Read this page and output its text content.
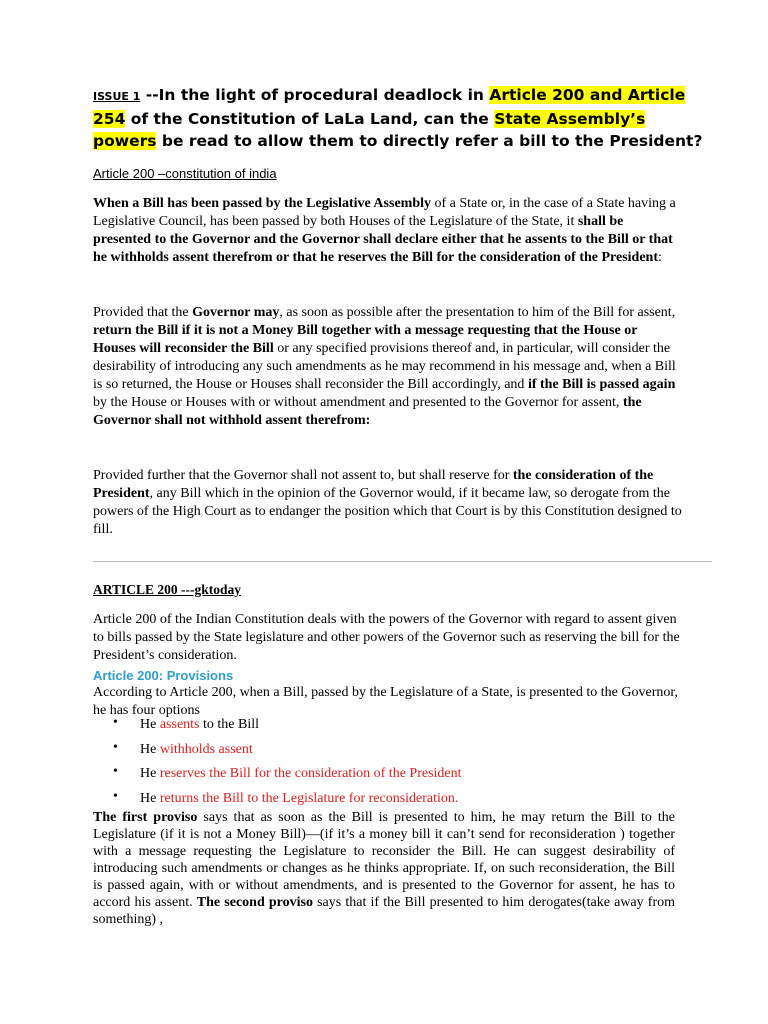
ISSUE 1 --In the light of procedural deadlock in Article 200 and Article 254 of the Constitution of LaLa Land, can the State Assembly’s powers be read to allow them to directly refer a bill to the President?
Article 200 –constitution of india
When a Bill has been passed by the Legislative Assembly of a State or, in the case of a State having a Legislative Council, has been passed by both Houses of the Legislature of the State, it shall be presented to the Governor and the Governor shall declare either that he assents to the Bill or that he withholds assent therefrom or that he reserves the Bill for the consideration of the President:
Provided that the Governor may, as soon as possible after the presentation to him of the Bill for assent, return the Bill if it is not a Money Bill together with a message requesting that the House or Houses will reconsider the Bill or any specified provisions thereof and, in particular, will consider the desirability of introducing any such amendments as he may recommend in his message and, when a Bill is so returned, the House or Houses shall reconsider the Bill accordingly, and if the Bill is passed again by the House or Houses with or without amendment and presented to the Governor for assent, the Governor shall not withhold assent therefrom:
Provided further that the Governor shall not assent to, but shall reserve for the consideration of the President, any Bill which in the opinion of the Governor would, if it became law, so derogate from the powers of the High Court as to endanger the position which that Court is by this Constitution designed to fill.
ARTICLE 200 ---gktoday
Article 200 of the Indian Constitution deals with the powers of the Governor with regard to assent given to bills passed by the State legislature and other powers of the Governor such as reserving the bill for the President’s consideration.
Article 200: Provisions
According to Article 200, when a Bill, passed by the Legislature of a State, is presented to the Governor, he has four options
• He assents to the Bill
• He withholds assent
• He reserves the Bill for the consideration of the President
• He returns the Bill to the Legislature for reconsideration.
The first proviso says that as soon as the Bill is presented to him, he may return the Bill to the Legislature (if it is not a Money Bill)—(if it’s a money bill it can’t send for reconsideration ) together with a message requesting the Legislature to reconsider the Bill. He can suggest desirability of introducing such amendments or changes as he thinks appropriate. If, on such reconsideration, the Bill is passed again, with or without amendments, and is presented to the Governor for assent, he has to accord his assent. The second proviso says that if the Bill presented to him derogates(take away from something) ,
